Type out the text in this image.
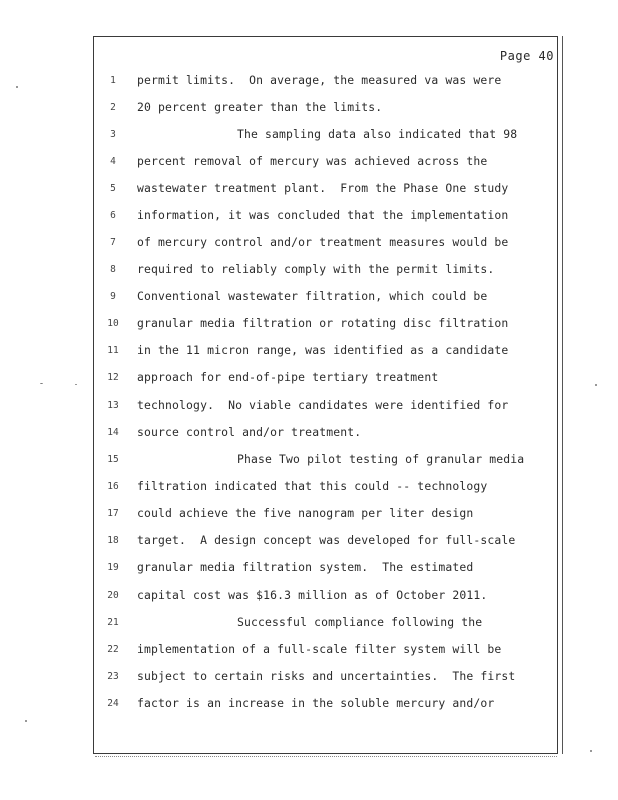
Page 40
1
2
3
4
5
6
7
8
9
10
11
12
13
14
15
16
17
18
19
20
21
22
23
24
permit limits.  On average, the measured va was were
20 percent greater than the limits.
The sampling data also indicated that 98
percent removal of mercury was achieved across the
wastewater treatment plant.  From the Phase One study
information, it was concluded that the implementation
of mercury control and/or treatment measures would be
required to reliably comply with the permit limits.
Conventional wastewater filtration, which could be
granular media filtration or rotating disc filtration
in the 11 micron range, was identified as a candidate
approach for end-of-pipe tertiary treatment
technology.  No viable candidates were identified for
source control and/or treatment.
Phase Two pilot testing of granular media
filtration indicated that this could -- technology
could achieve the five nanogram per liter design
target.  A design concept was developed for full-scale
granular media filtration system.  The estimated
capital cost was $16.3 million as of October 2011.
Successful compliance following the
implementation of a full-scale filter system will be
subject to certain risks and uncertainties.  The first
factor is an increase in the soluble mercury and/or
